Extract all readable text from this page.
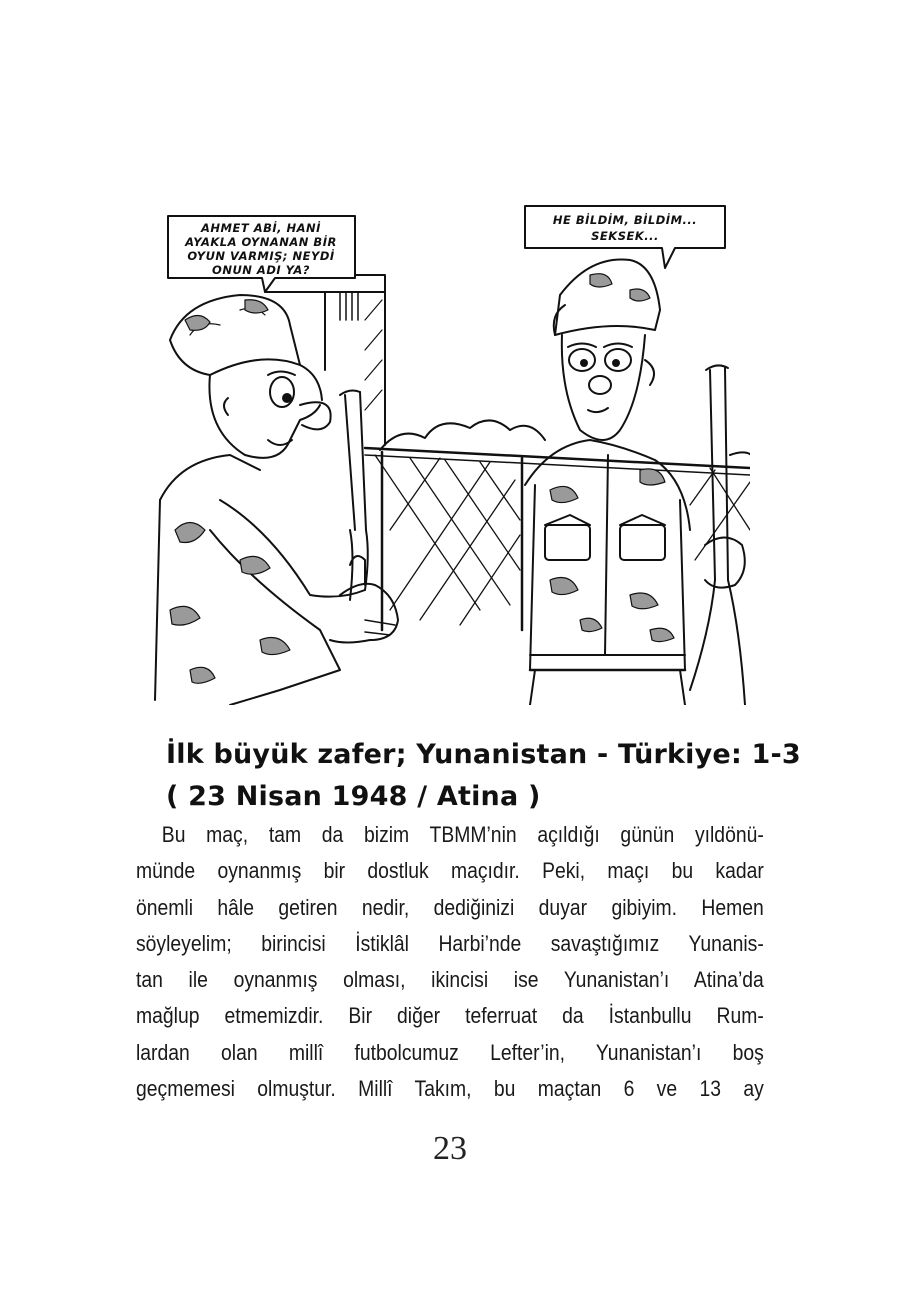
AHMET ABİ, HANİ
AYAKLA OYNANAN BİR
OYUN VARMIŞ; NEYDİ
ONUN ADI YA?
HE BİLDİM, BİLDİM...
SEKSEK...
İlk büyük zafer; Yunanistan - Türkiye: 1-3
( 23 Nisan 1948 / Atina )
Bu maç, tam da bizim TBMM’nin açıldığı günün yıldönü-
münde oynanmış bir dostluk maçıdır. Peki, maçı bu kadar
önemli hâle getiren nedir, dediğinizi duyar gibiyim. Hemen
söyleyelim; birincisi İstiklâl Harbi’nde savaştığımız Yunanis-
tan ile oynanmış olması, ikincisi ise Yunanistan’ı Atina’da
mağlup etmemizdir. Bir diğer teferruat da İstanbullu Rum-
lardan olan millî futbolcumuz Lefter’in, Yunanistan’ı boş
geçmemesi olmuştur. Millî Takım, bu maçtan 6 ve 13 ay
23
